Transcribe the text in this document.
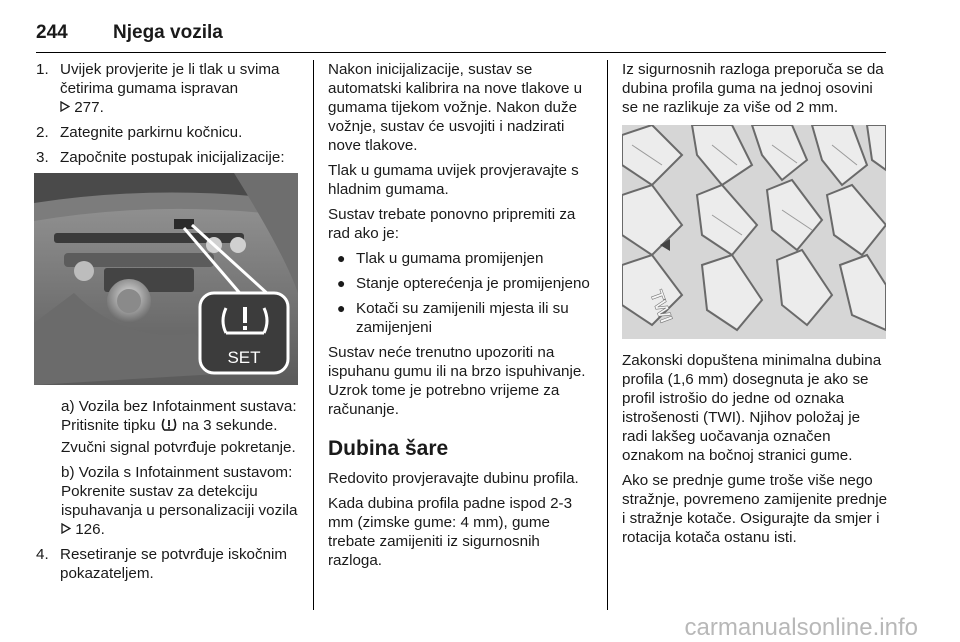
244 Njega vozila
1. Uvijek provjerite je li tlak u svima četirima gumama ispravan
277.
2. Zategnite parkirnu kočnicu.
3. Započnite postupak inicijalizacije:
SET

a) Vozila bez Infotainment sustava: Pritisnite tipku na 3 sekunde. Zvučni signal potvrđuje pokretanje.

b) Vozila s Infotainment sustavom: Pokrenite sustav za detekciju ispuhavanja u personalizaciji vozila  126.

4. Resetiranje se potvrđuje iskočnim pokazateljem.

Nakon inicijalizacije, sustav se automatski kalibrira na nove tlakove u gumama tijekom vožnje. Nakon duže vožnje, sustav će usvojiti i nadzirati nove tlakove.

Tlak u gumama uvijek provjeravajte s hladnim gumama.

Sustav trebate ponovno pripremiti za rad ako je:

● Tlak u gumama promijenjen
● Stanje opterećenja je promijenjeno
● Kotači su zamijenili mjesta ili su zamijenjeni

Sustav neće trenutno upozoriti na ispuhanu gumu ili na brzo ispuhivanje. Uzrok tome je potrebno vrijeme za računanje.

Dubina šare

Redovito provjeravajte dubinu profila.

Kada dubina profila padne ispod 2-3 mm (zimske gume: 4 mm), gume trebate zamijeniti iz sigurnosnih razloga.

Iz sigurnosnih razloga preporuča se da dubina profila guma na jednoj osovini se ne razlikuje za više od 2 mm.

TWI

Zakonski dopuštena minimalna dubina profila (1,6 mm) dosegnuta je ako se profil istrošio do jedne od oznaka istrošenosti (TWI). Njihov položaj je radi lakšeg uočavanja označen oznakom na bočnoj stranici gume.

Ako se prednje gume troše više nego stražnje, povremeno zamijenite prednje i stražnje kotače. Osigurajte da smjer i rotacija kotača ostanu isti.

carmanualsonline.info
